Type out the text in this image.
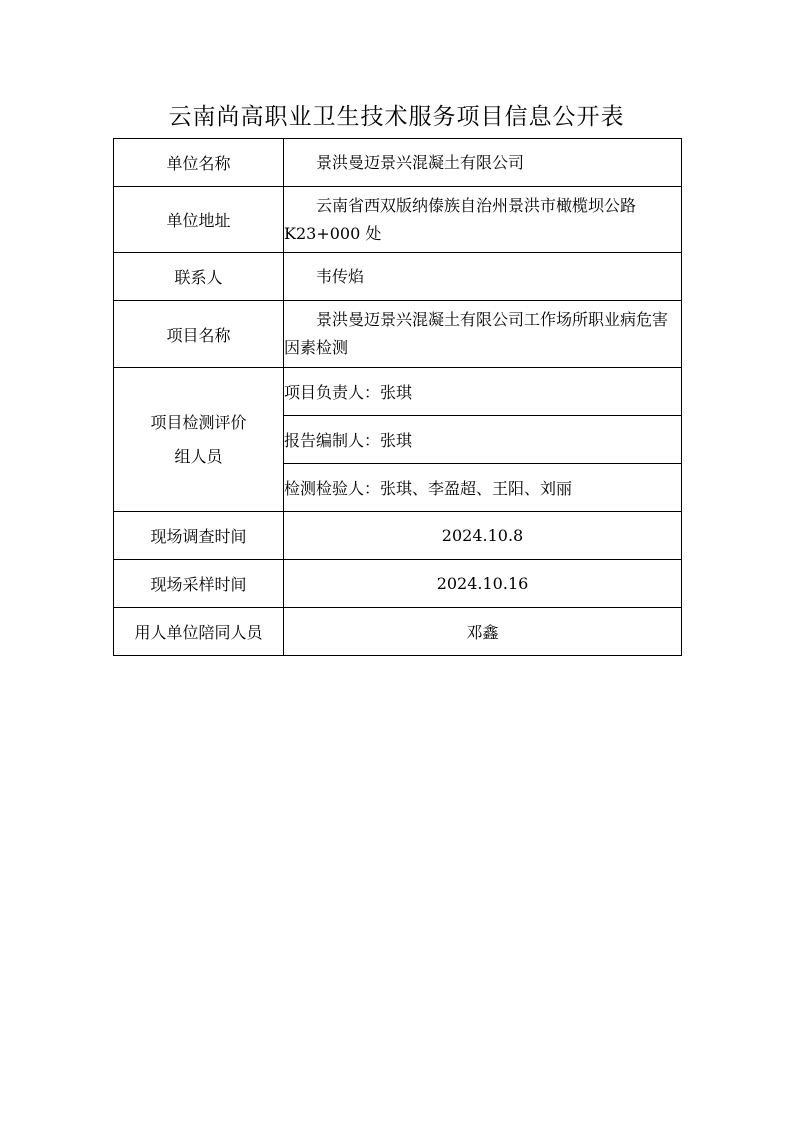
云南尚高职业卫生技术服务项目信息公开表
单位名称	景洪曼迈景兴混凝土有限公司

单位地址	云南省西双版纳傣族自治州景洪市橄榄坝公路K23+000 处

联系人	韦传焰

项目名称	景洪曼迈景兴混凝土有限公司工作场所职业病危害因素检测

项目检测评价
组人员	项目负责人：张琪
	报告编制人：张琪
	检测检验人：张琪、李盈超、王阳、刘丽
现场调查时间	2024.10.8
现场采样时间	2024.10.16
用人单位陪同人员	邓鑫
